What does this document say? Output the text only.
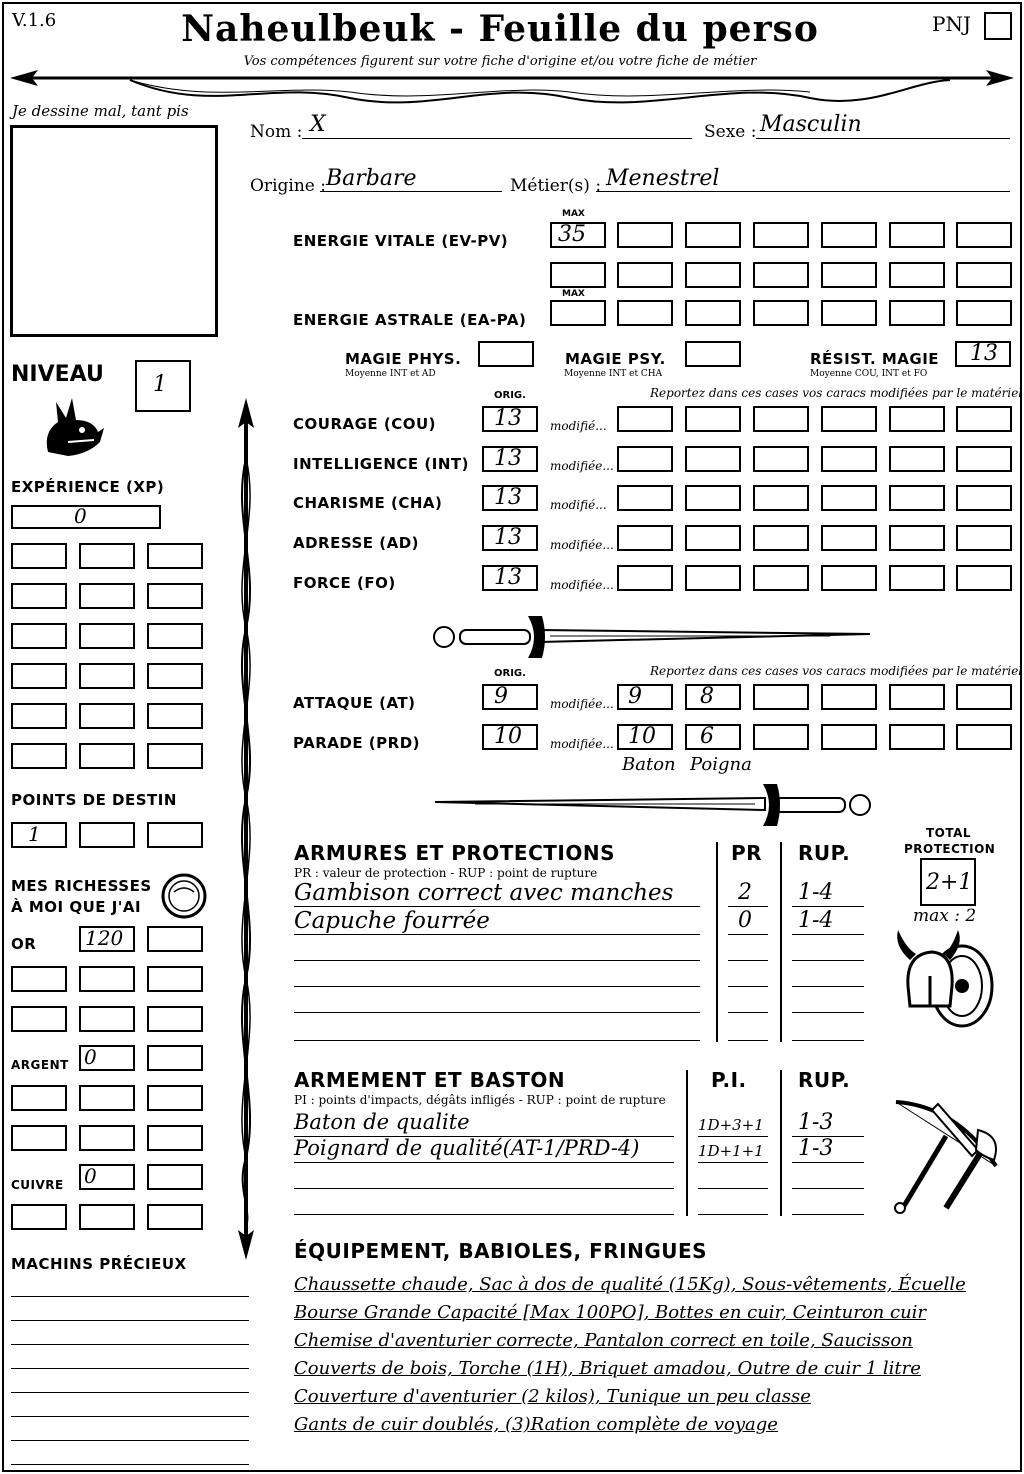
V.1.6	Naheulbeuk - Feuille du perso	PNJ
Vos compétences figurent sur votre fiche d'origine et/ou votre fiche de métier
Je dessine mal, tant pis
Nom : X	Sexe : Masculin
Origine : Barbare	Métier(s) : Menestrel
MAX
ENERGIE VITALE (EV-PV) 35
MAX
ENERGIE ASTRALE (EA-PA)
MAGIE PHYS.
Moyenne INT et AD
MAGIE PSY.
Moyenne INT et CHA
RÉSIST. MAGIE
Moyenne COU, INT et FO
13
ORIG.	Reportez dans ces cases vos caracs modifiées par le matériel
COURAGE (COU)	13 modifié...
INTELLIGENCE (INT) 13 modifiée...
CHARISME (CHA) 13 modifié...
ADRESSE (AD)	13 modifiée...
FORCE (FO)	13 modifiée...
ORIG.	Reportez dans ces cases vos caracs modifiées par le matériel
ATTAQUE (AT)	9	modifiée... 9	8
PARADE (PRD)	10 modifiée... 10 6
Baton Poigna
NIVEAU 1
EXPÉRIENCE (XP)
0
POINTS DE DESTIN
1
MES RICHESSES
À MOI QUE J'AI
OR 120
ARGENT 0
CUIVRE 0
MACHINS PRÉCIEUX
ARMURES ET PROTECTIONS
PR : valeur de protection - RUP : point de rupture
PR RUP.
Gambison correct avec manches	2 1-4
Capuche fourrée	0 1-4
TOTAL
PROTECTION
2+1
max : 2
ARMEMENT ET BASTON
PI : points d'impacts, dégâts infligés - RUP : point de rupture
P.I.	RUP.
Baton de qualite	1D+3+1 1-3
Poignard de qualité(AT-1/PRD-4)	1D+1+1 1-3
ÉQUIPEMENT, BABIOLES, FRINGUES
Chaussette chaude, Sac à dos de qualité (15Kg), Sous-vêtements, Écuelle
Bourse Grande Capacité [Max 100PO], Bottes en cuir, Ceinturon cuir
Chemise d'aventurier correcte, Pantalon correct en toile, Saucisson
Couverts de bois, Torche (1H), Briquet amadou, Outre de cuir 1 litre
Couverture d'aventurier (2 kilos), Tunique un peu classe
Gants de cuir doublés, (3)Ration complète de voyage
